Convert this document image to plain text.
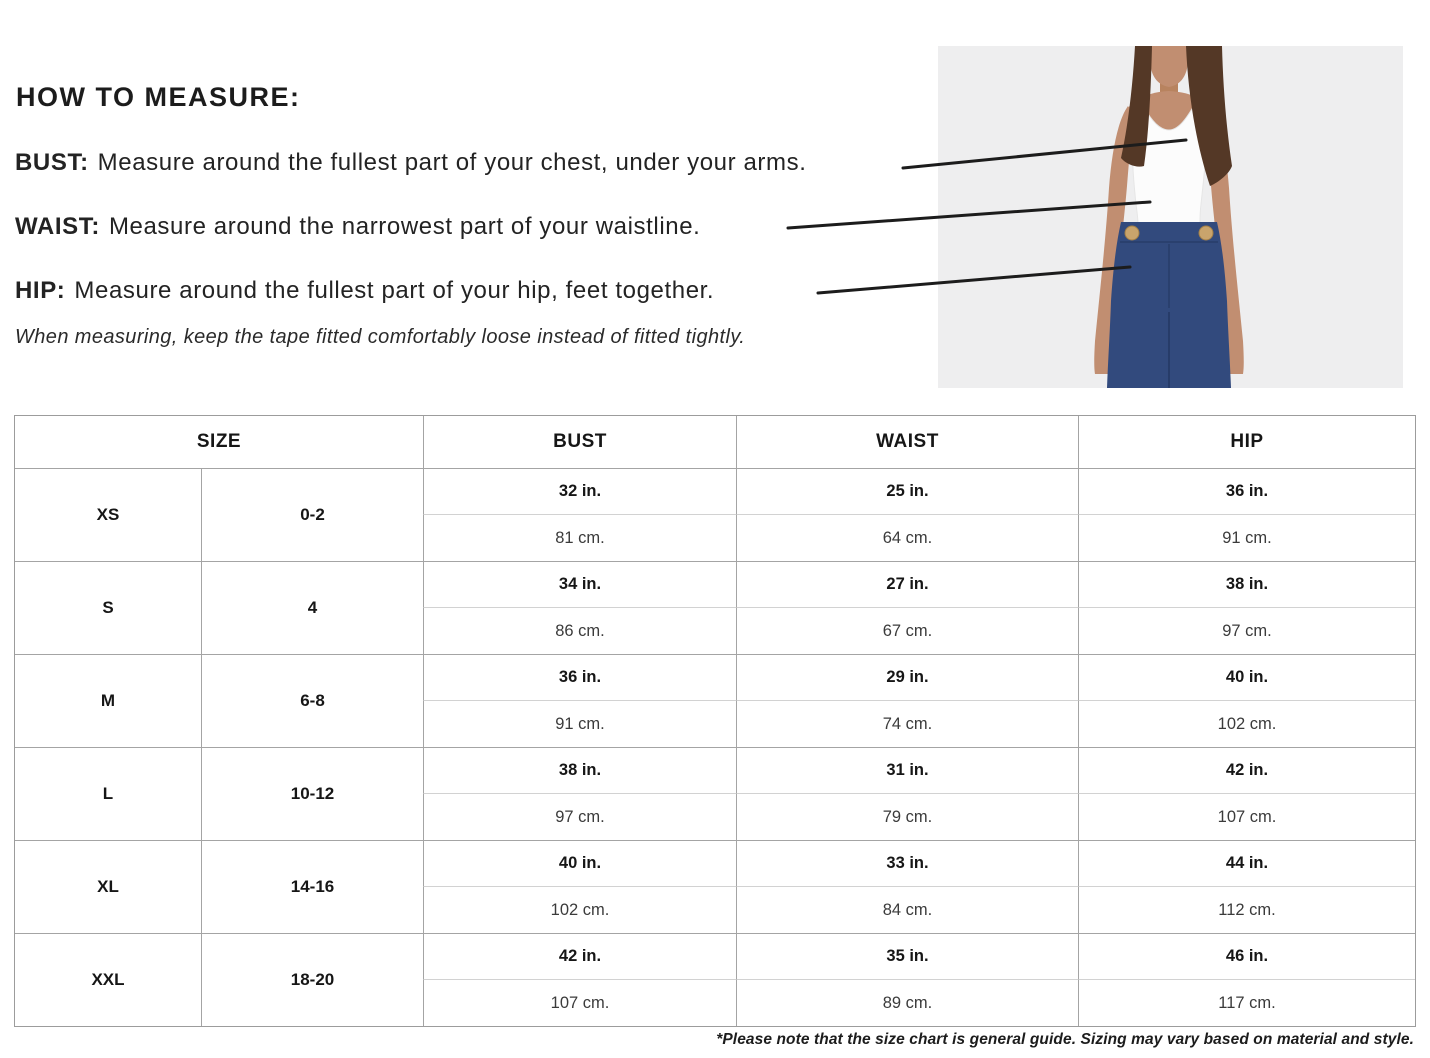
HOW TO MEASURE:

BUST: Measure around the fullest part of your chest, under your arms.

WAIST: Measure around the narrowest part of your waistline.

HIP: Measure around the fullest part of your hip, feet together.

When measuring, keep the tape fitted comfortably loose instead of fitted tightly.

SIZE	BUST	WAIST	HIP
XS	0-2
32 in.	25 in.	36 in.
81 cm.	64 cm.	91 cm.
S	4
34 in.	27 in.	38 in.
86 cm.	67 cm.	97 cm.
M	6-8
36 in.	29 in.	40 in.
91 cm.	74 cm.	102 cm.
L	10-12
38 in.	31 in.	42 in.
97 cm.	79 cm.	107 cm.
XL	14-16
40 in.	33 in.	44 in.
102 cm.	84 cm.	112 cm.
XXL	18-20
42 in.	35 in.	46 in.
107 cm.	89 cm.	117 cm.

*Please note that the size chart is general guide. Sizing may vary based on material and style.
